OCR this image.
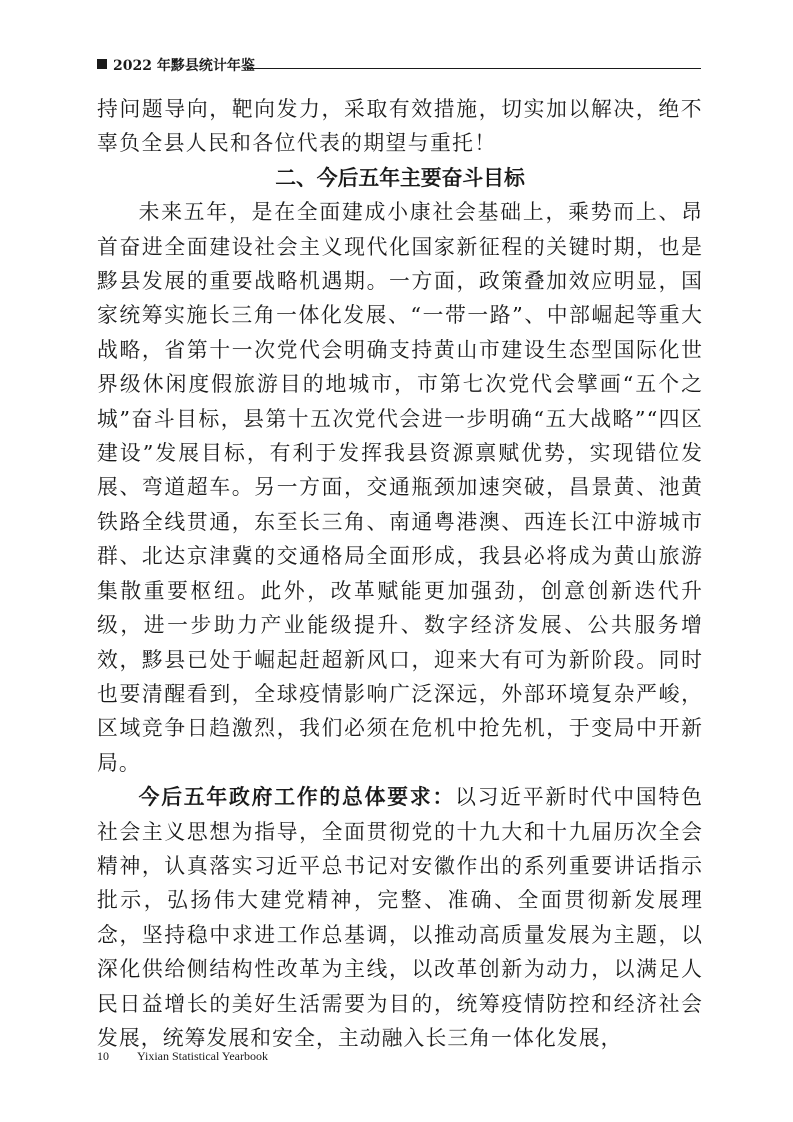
2022 年黟县统计年鉴

持问题导向，靶向发力，采取有效措施，切实加以解决，绝不辜负全县人民和各位代表的期望与重托！

二、今后五年主要奋斗目标

未来五年，是在全面建成小康社会基础上，乘势而上、昂首奋进全面建设社会主义现代化国家新征程的关键时期，也是黟县发展的重要战略机遇期。一方面，政策叠加效应明显，国家统筹实施长三角一体化发展、“一带一路”、中部崛起等重大战略，省第十一次党代会明确支持黄山市建设生态型国际化世界级休闲度假旅游目的地城市，市第七次党代会擘画“五个之城”奋斗目标，县第十五次党代会进一步明确“五大战略”“四区建设”发展目标，有利于发挥我县资源禀赋优势，实现错位发展、弯道超车。另一方面，交通瓶颈加速突破，昌景黄、池黄铁路全线贯通，东至长三角、南通粤港澳、西连长江中游城市群、北达京津冀的交通格局全面形成，我县必将成为黄山旅游集散重要枢纽。此外，改革赋能更加强劲，创意创新迭代升级，进一步助力产业能级提升、数字经济发展、公共服务增效，黟县已处于崛起赶超新风口，迎来大有可为新阶段。同时也要清醒看到，全球疫情影响广泛深远，外部环境复杂严峻，区域竞争日趋激烈，我们必须在危机中抢先机，于变局中开新局。

今后五年政府工作的总体要求：以习近平新时代中国特色社会主义思想为指导，全面贯彻党的十九大和十九届历次全会精神，认真落实习近平总书记对安徽作出的系列重要讲话指示批示，弘扬伟大建党精神，完整、准确、全面贯彻新发展理念，坚持稳中求进工作总基调，以推动高质量发展为主题，以深化供给侧结构性改革为主线，以改革创新为动力，以满足人民日益增长的美好生活需要为目的，统筹疫情防控和经济社会发展，统筹发展和安全，主动融入长三角一体化发展，

10 Yixian Statistical Yearbook
